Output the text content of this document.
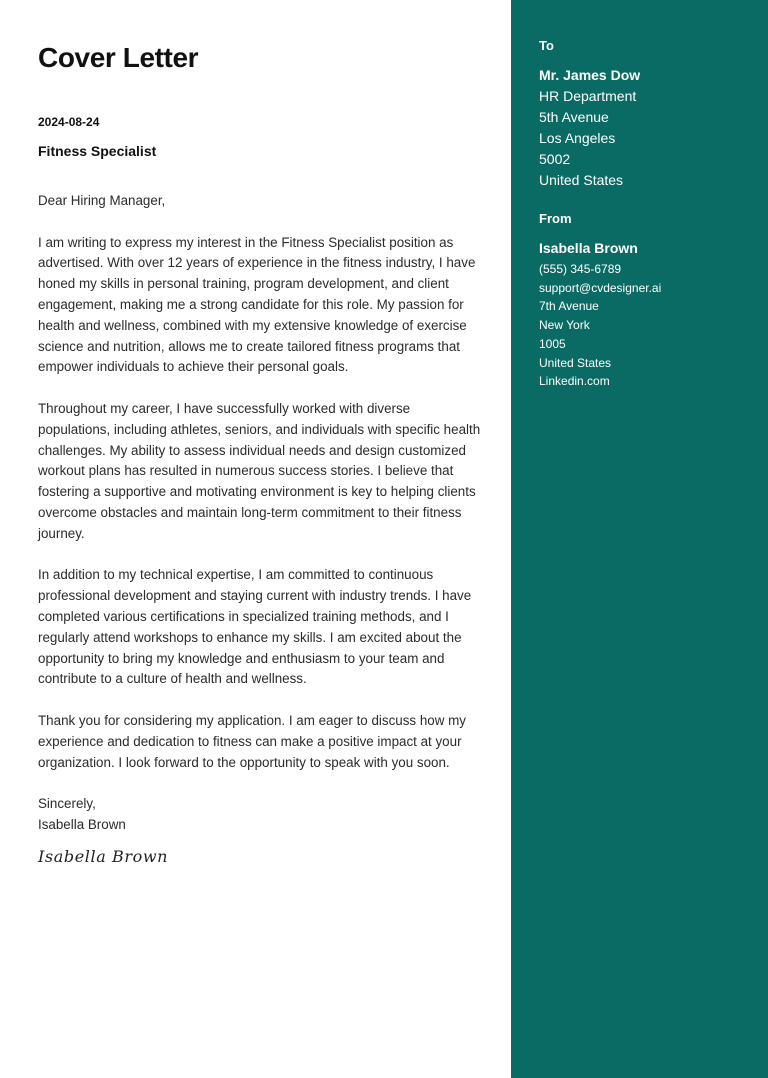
Cover Letter
2024-08-24
Fitness Specialist
Dear Hiring Manager,

I am writing to express my interest in the Fitness Specialist position as advertised. With over 12 years of experience in the fitness industry, I have honed my skills in personal training, program development, and client engagement, making me a strong candidate for this role. My passion for health and wellness, combined with my extensive knowledge of exercise science and nutrition, allows me to create tailored fitness programs that empower individuals to achieve their personal goals.

Throughout my career, I have successfully worked with diverse populations, including athletes, seniors, and individuals with specific health challenges. My ability to assess individual needs and design customized workout plans has resulted in numerous success stories. I believe that fostering a supportive and motivating environment is key to helping clients overcome obstacles and maintain long-term commitment to their fitness journey.

In addition to my technical expertise, I am committed to continuous professional development and staying current with industry trends. I have completed various certifications in specialized training methods, and I regularly attend workshops to enhance my skills. I am excited about the opportunity to bring my knowledge and enthusiasm to your team and contribute to a culture of health and wellness.

Thank you for considering my application. I am eager to discuss how my experience and dedication to fitness can make a positive impact at your organization. I look forward to the opportunity to speak with you soon.

Sincerely,
Isabella Brown
Isabella Brown
To
Mr. James Dow
HR Department
5th Avenue
Los Angeles
5002
United States
From
Isabella Brown
(555) 345-6789
support@cvdesigner.ai
7th Avenue
New York
1005
United States
Linkedin.com
